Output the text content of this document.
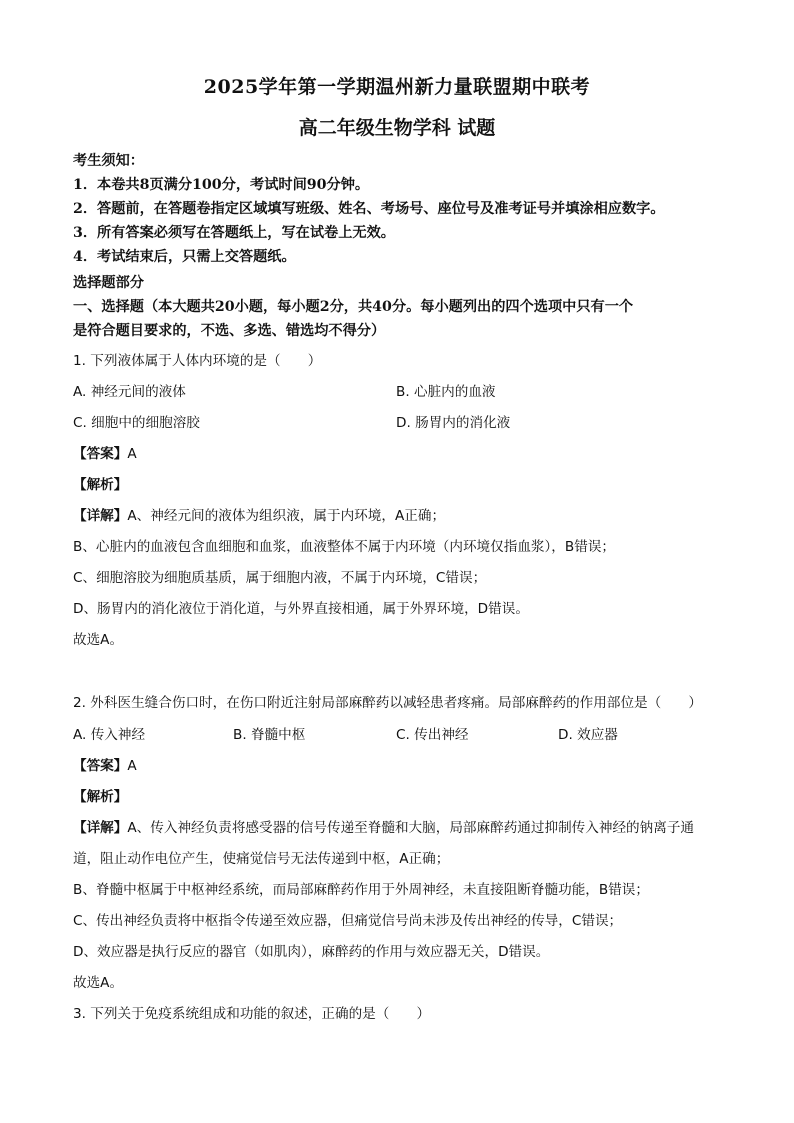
2025学年第一学期温州新力量联盟期中联考
高二年级生物学科 试题
考生须知：
1．本卷共8页满分100分，考试时间90分钟。
2．答题前，在答题卷指定区域填写班级、姓名、考场号、座位号及准考证号并填涂相应数字。
3．所有答案必须写在答题纸上，写在试卷上无效。
4．考试结束后，只需上交答题纸。
选择题部分
一、选择题（本大题共20小题，每小题2分，共40分。每小题列出的四个选项中只有一个
是符合题目要求的，不选、多选、错选均不得分）
1. 下列液体属于人体内环境的是（　　）
A. 神经元间的液体	B. 心脏内的血液
C. 细胞中的细胞溶胶	D. 肠胃内的消化液
【答案】A
【解析】
【详解】A、神经元间的液体为组织液，属于内环境，A正确；
B、心脏内的血液包含血细胞和血浆，血液整体不属于内环境（内环境仅指血浆），B错误；
C、细胞溶胶为细胞质基质，属于细胞内液，不属于内环境，C错误；
D、肠胃内的消化液位于消化道，与外界直接相通，属于外界环境，D错误。
故选A。
2. 外科医生缝合伤口时，在伤口附近注射局部麻醉药以减轻患者疼痛。局部麻醉药的作用部位是（　　）
A. 传入神经	B. 脊髓中枢	C. 传出神经	D. 效应器
【答案】A
【解析】
【详解】A、传入神经负责将感受器的信号传递至脊髓和大脑，局部麻醉药通过抑制传入神经的钠离子通
道，阻止动作电位产生，使痛觉信号无法传递到中枢，A正确；
B、脊髓中枢属于中枢神经系统，而局部麻醉药作用于外周神经，未直接阻断脊髓功能，B错误；
C、传出神经负责将中枢指令传递至效应器，但痛觉信号尚未涉及传出神经的传导，C错误；
D、效应器是执行反应的器官（如肌肉），麻醉药的作用与效应器无关，D错误。
故选A。
3. 下列关于免疫系统组成和功能的叙述，正确的是（　　）
